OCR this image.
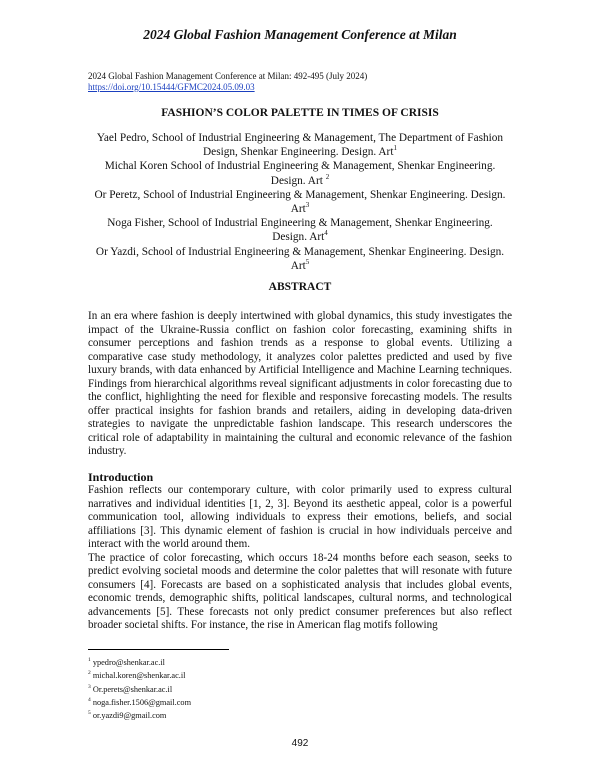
2024 Global Fashion Management Conference at Milan
2024 Global Fashion Management Conference at Milan: 492-495 (July 2024)
https://doi.org/10.15444/GFMC2024.05.09.03
FASHION’S COLOR PALETTE IN TIMES OF CRISIS

Yael Pedro, School of Industrial Engineering & Management, The Department of Fashion Design, Shenkar Engineering. Design. Art$^1$

Michal Koren School of Industrial Engineering & Management, Shenkar Engineering. Design. Art $^2$

Or Peretz, School of Industrial Engineering & Management, Shenkar Engineering. Design. Art$^3$

Noga Fisher, School of Industrial Engineering & Management, Shenkar Engineering. Design. Art$^4$

Or Yazdi, School of Industrial Engineering & Management, Shenkar Engineering. Design. Art$^5$

ABSTRACT

In an era where fashion is deeply intertwined with global dynamics, this study investigates the impact of the Ukraine-Russia conflict on fashion color forecasting, examining shifts in consumer perceptions and fashion trends as a response to global events. Utilizing a comparative case study methodology, it analyzes color palettes predicted and used by five luxury brands, with data enhanced by Artificial Intelligence and Machine Learning techniques. Findings from hierarchical algorithms reveal significant adjustments in color forecasting due to the conflict, highlighting the need for flexible and responsive forecasting models. The results offer practical insights for fashion brands and retailers, aiding in developing data-driven strategies to navigate the unpredictable fashion landscape. This research underscores the critical role of adaptability in maintaining the cultural and economic relevance of the fashion industry.

Introduction

Fashion reflects our contemporary culture, with color primarily used to express cultural narratives and individual identities [1, 2, 3]. Beyond its aesthetic appeal, color is a powerful communication tool, allowing individuals to express their emotions, beliefs, and social affiliations [3]. This dynamic element of fashion is crucial in how individuals perceive and interact with the world around them.

The practice of color forecasting, which occurs 18-24 months before each season, seeks to predict evolving societal moods and determine the color palettes that will resonate with future consumers [4]. Forecasts are based on a sophisticated analysis that includes global events, economic trends, demographic shifts, political landscapes, cultural norms, and technological advancements [5]. These forecasts not only predict consumer preferences but also reflect broader societal shifts. For instance, the rise in American flag motifs following

$^1$ ypedro@shenkar.ac.il
$^2$ michal.koren@shenkar.ac.il
$^3$ Or.perets@shenkar.ac.il
$^4$ noga.fisher.1506@gmail.com
$^5$ or.yazdi9@gmail.com
492
